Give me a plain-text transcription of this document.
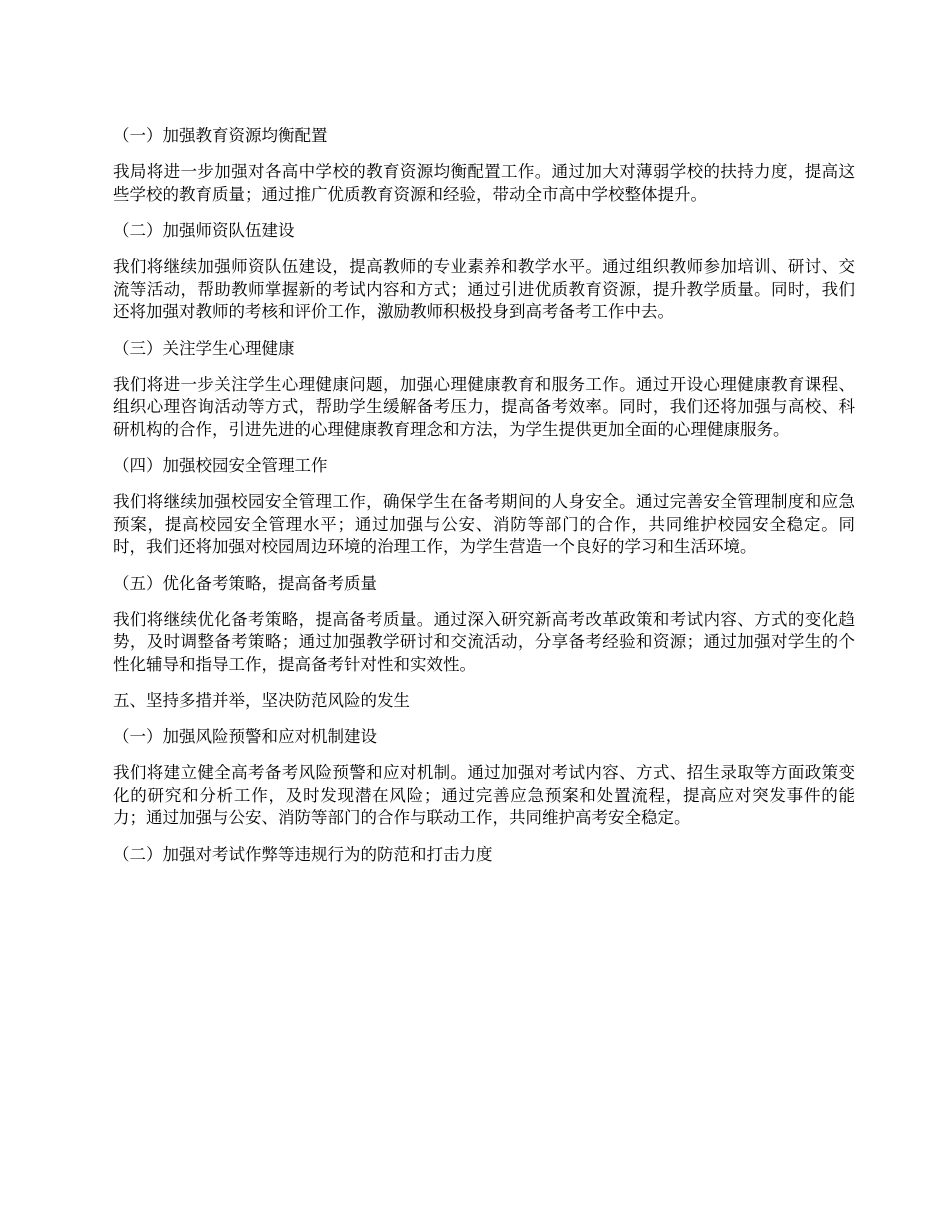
（一）加强教育资源均衡配置
我局将进一步加强对各高中学校的教育资源均衡配置工作。通过加大对薄弱学校的扶持力度，提高这些学校的教育质量；通过推广优质教育资源和经验，带动全市高中学校整体提升。
（二）加强师资队伍建设
我们将继续加强师资队伍建设，提高教师的专业素养和教学水平。通过组织教师参加培训、研讨、交流等活动，帮助教师掌握新的考试内容和方式；通过引进优质教育资源，提升教学质量。同时，我们还将加强对教师的考核和评价工作，激励教师积极投身到高考备考工作中去。
（三）关注学生心理健康
我们将进一步关注学生心理健康问题，加强心理健康教育和服务工作。通过开设心理健康教育课程、组织心理咨询活动等方式，帮助学生缓解备考压力，提高备考效率。同时，我们还将加强与高校、科研机构的合作，引进先进的心理健康教育理念和方法，为学生提供更加全面的心理健康服务。
（四）加强校园安全管理工作
我们将继续加强校园安全管理工作，确保学生在备考期间的人身安全。通过完善安全管理制度和应急预案，提高校园安全管理水平；通过加强与公安、消防等部门的合作，共同维护校园安全稳定。同时，我们还将加强对校园周边环境的治理工作，为学生营造一个良好的学习和生活环境。
（五）优化备考策略，提高备考质量
我们将继续优化备考策略，提高备考质量。通过深入研究新高考改革政策和考试内容、方式的变化趋势，及时调整备考策略；通过加强教学研讨和交流活动，分享备考经验和资源；通过加强对学生的个性化辅导和指导工作，提高备考针对性和实效性。
五、坚持多措并举，坚决防范风险的发生
（一）加强风险预警和应对机制建设
我们将建立健全高考备考风险预警和应对机制。通过加强对考试内容、方式、招生录取等方面政策变化的研究和分析工作，及时发现潜在风险；通过完善应急预案和处置流程，提高应对突发事件的能力；通过加强与公安、消防等部门的合作与联动工作，共同维护高考安全稳定。
（二）加强对考试作弊等违规行为的防范和打击力度
